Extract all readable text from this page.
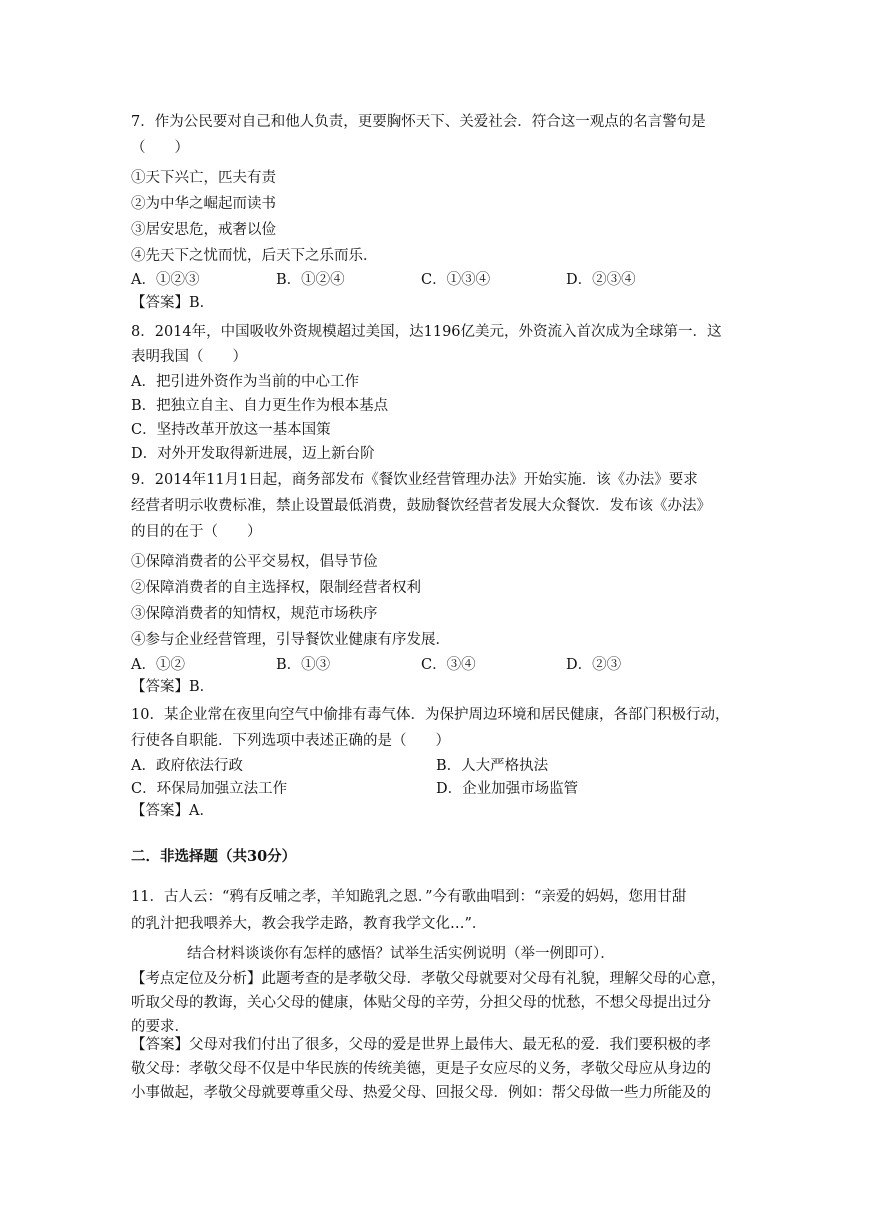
7．作为公民要对自己和他人负责，更要胸怀天下、关爱社会．符合这一观点的名言警句是
（　　）
①天下兴亡，匹夫有责
②为中华之崛起而读书
③居安思危，戒奢以俭
④先天下之忧而忧，后天下之乐而乐．
A．①②③	B．①②④	C．①③④	D．②③④
【答案】B．
8．2014年，中国吸收外资规模超过美国，达1196亿美元，外资流入首次成为全球第一．这
表明我国（　　）
A．把引进外资作为当前的中心工作
B．把独立自主、自力更生作为根本基点
C．坚持改革开放这一基本国策
D．对外开发取得新进展，迈上新台阶
9．2014年11月1日起，商务部发布《餐饮业经营管理办法》开始实施．该《办法》要求
经营者明示收费标准，禁止设置最低消费，鼓励餐饮经营者发展大众餐饮．发布该《办法》
的目的在于（　　）
①保障消费者的公平交易权，倡导节俭
②保障消费者的自主选择权，限制经营者权利
③保障消费者的知情权，规范市场秩序
④参与企业经营管理，引导餐饮业健康有序发展．
A．①②	B．①③	C．③④	D．②③
【答案】B．
10．某企业常在夜里向空气中偷排有毒气体．为保护周边环境和居民健康，各部门积极行动，
行使各自职能．下列选项中表述正确的是（　　）
A．政府依法行政	B．人大严格执法
C．环保局加强立法工作	D．企业加强市场监管
【答案】A．
二．非选择题（共30分）
11．古人云：“鸦有反哺之孝，羊知跪乳之恩．”今有歌曲唱到：“亲爱的妈妈，您用甘甜
的乳汁把我喂养大，教会我学走路，教育我学文化…”．
结合材料谈谈你有怎样的感悟？试举生活实例说明（举一例即可）．
【考点定位及分析】此题考查的是孝敬父母．孝敬父母就要对父母有礼貌，理解父母的心意，
听取父母的教诲，关心父母的健康，体贴父母的辛劳，分担父母的忧愁，不想父母提出过分
的要求．
【答案】父母对我们付出了很多，父母的爱是世界上最伟大、最无私的爱．我们要积极的孝
敬父母：孝敬父母不仅是中华民族的传统美德，更是子女应尽的义务，孝敬父母应从身边的
小事做起，孝敬父母就要尊重父母、热爱父母、回报父母．例如：帮父母做一些力所能及的
